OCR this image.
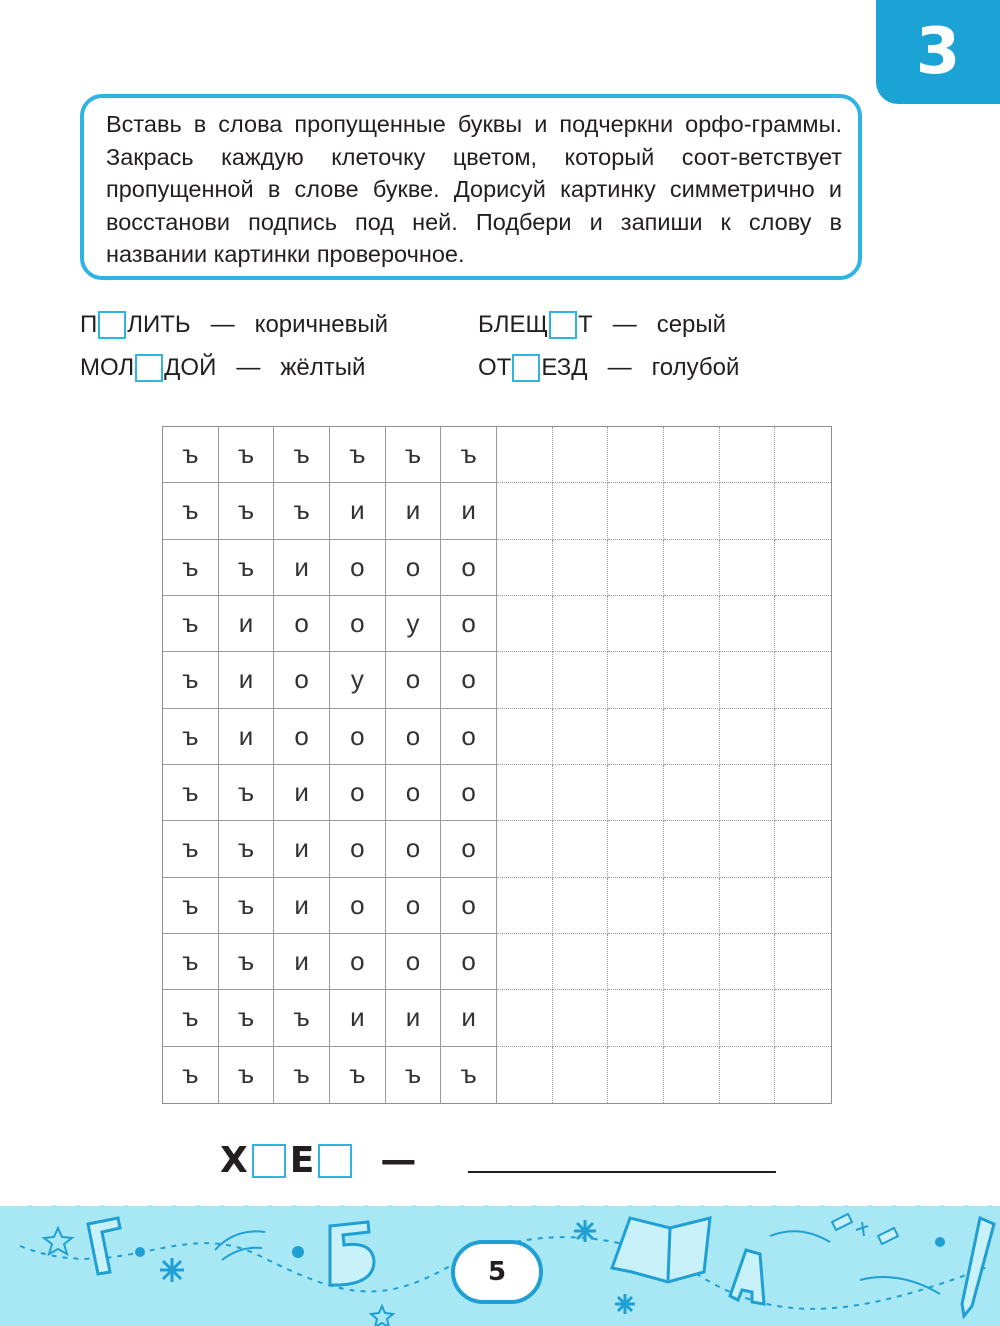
3

Вставь в слова пропущенные буквы и подчеркни орфо-граммы. Закрась каждую клеточку цветом, который соот-ветствует пропущенной в слове букве. Дорисуй картинку симметрично и восстанови подпись под ней. Подбери и запиши к слову в названии картинки проверочное.

П ЛИТЬ — коричневый	БЛЕЩ Т — серый
МОЛ ДОЙ — жёлтый	ОТ ЕЗД — голубой
ъ	ъ	ъ	ъ	ъ	ъ
ъ	ъ	ъ	и	и	и
ъ	ъ	и	о	о	о
ъ	и	о	о	у	о
ъ	и	о	у	о	о
ъ	и	о	о	о	о
ъ	ъ	и	о	о	о
ъ	ъ	и	о	о	о
ъ	ъ	и	о	о	о
ъ	ъ	и	о	о	о
ъ	ъ	ъ	и	и	и
ъ	ъ	ъ	ъ	ъ	ъ
Х Е —
5
